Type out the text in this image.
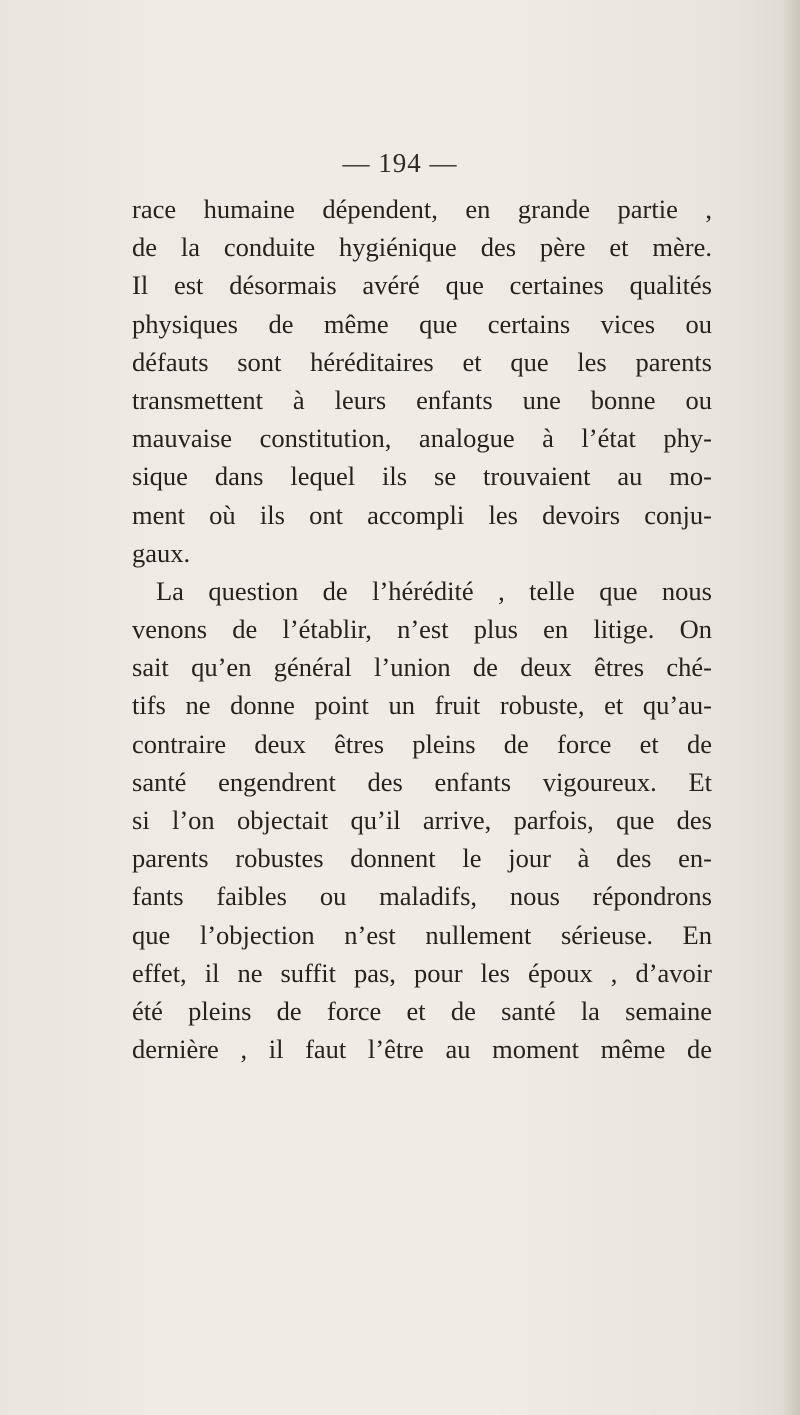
— 194 —
race humaine dépendent, en grande partie ,
de la conduite hygiénique des père et mère.
Il est désormais avéré que certaines qualités
physiques de même que certains vices ou
défauts sont héréditaires et que les parents
transmettent à leurs enfants une bonne ou
mauvaise constitution, analogue à l’état phy-
sique dans lequel ils se trouvaient au mo-
ment où ils ont accompli les devoirs conju-
gaux.
La question de l’hérédité , telle que nous
venons de l’établir, n’est plus en litige. On
sait qu’en général l’union de deux êtres ché-
tifs ne donne point un fruit robuste, et qu’au-
contraire deux êtres pleins de force et de
santé engendrent des enfants vigoureux. Et
si l’on objectait qu’il arrive, parfois, que des
parents robustes donnent le jour à des en-
fants faibles ou maladifs, nous répondrons
que l’objection n’est nullement sérieuse. En
effet, il ne suffit pas, pour les époux , d’avoir
été pleins de force et de santé la semaine
dernière , il faut l’être au moment même de
